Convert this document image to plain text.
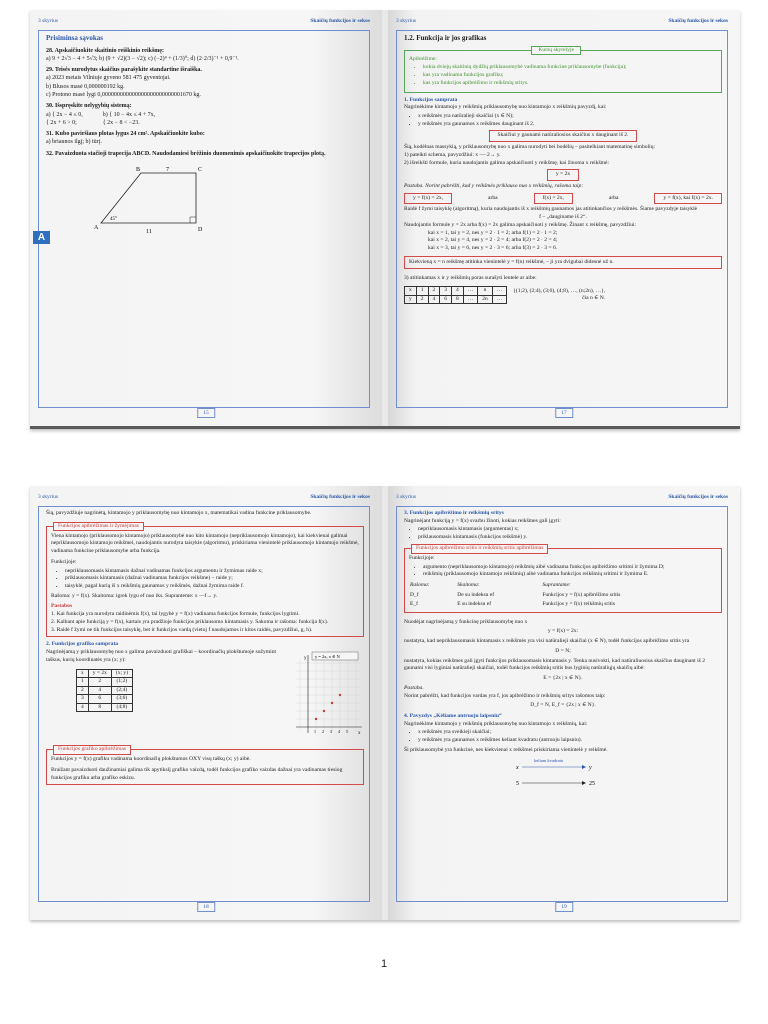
3 skyrius	Skaičių funkcijos ir sekos
Prisiminsa sąvokas
28. Apskaičiuokite skaitinio reiškinio reikšmę:
a) 9 + 2√3 − 4 + 5√3; b) (9 + √2)(3 − √2); c) (−2)⁴ + (1/3)⁰; d) (2·2/3)⁻¹ + 0,9⁻¹.
29. Teisės nurodytus skaičius parašykite standartine išraiška.
a) 2023 metais Vilniuje gyveno 581 475 gyventojai.
b) Blusos masė 0,000000192 kg.
c) Protono masė lygi 0,000000000000000000000000001670 kg.
30. Išspręskite nelygybių sistemą:
a) { 2x − 4 ≤ 0,
{ 2x + 6 > 0;
b) { 10 − 4x ≤ 4 + 7x,
{ 2x − 8 < −23.
31. Kubo paviršiaus plotas lygus 24 cm². Apskaičiuokite kubo:
a) briaunos ilgį; b) tūrį.
32. Pavaizduota stačioji trapecija ABCD. Naudodamiesi brėžinio duomenimis apskaičiuokite trapecijos plotą.
B	C
A	D
7
11
45°
15
3 skyrius	Skaičių funkcijos ir sekos
1.2. Funkcija ir jos grafikas
Kursų skyrelyje
Apibrėžime:
• kokia dviejų skaitinių dydžių priklausomybė vadinama funkcine priklausomybe (funkcija);
• kas yra vadinama funkcijos grafiku;
• kas yra funkcijos apibrėžimo ir reikšmių sritys.
1. Funkcijos samprata
Nagrinėkime kintamojo y reikšmių priklausomybę nuo kintamojo x reikšmių pavyzdį, kai:
• x reikšmės yra natūralieji skaičiai (x ∈ N);
• y reikšmės yra gaunamos x reikšmes dauginant iš 2.
Skaičiui y gaunami natūraliosios skaičius x dauginant iš 2.
Šią, kodėlnas massykią, y priklausomybę nuo x galima nurodyti bei bodėlių – pasitelkiant matematinę simbolių:
1) pateikti schema, pavyzdžiui: x —·2→ y.
2) išreikšti formule, kuria naudojantis galima apskaičiuoti y reikšmę, kai žinoma x reikšmė:
y = 2x
Pastaba. Norint pabrėžti, kad y reikšmės priklauso nuo x reikšmių, rašoma taip:
y = f(x) = 2x,	arba	f(x) = 2x,	arba	y = f(x), kai f(x) = 2x.
Raidė f žymi taisyklę (algoritmą), kuria naudojantis iš x reikšmių gaunamos jas atitinkančios y reikšmės. Šiame pavyzdyje taisyklė
f – „dauginame iš 2“.
Naudojantis formule y = 2x arba f(x) = 2x galima apskaičiuoti y reikšmę. Žinant x reikšmę, pavyzdžiui:
kai x = 1, tai y = 2, nes y = 2 · 1 = 2; arba f(1) = 2 · 1 = 2;
kai x = 2, tai y = 4, nes y = 2 · 2 = 4; arba f(2) = 2 · 2 = 4;
kai x = 3, tai y = 6, nes y = 2 · 3 = 6; arba f(3) = 2 · 3 = 6.
Kiekvieną x = n reikšmę atitinka vienintelė y = f(n) reikšmė, – ji yra dvigubai didesnė už n.
3) atitinkamas x ir y reikšmių poras surašyti lentele ar aibe:
x	1	2	3	4	…	n	…
y	2	4	6	8	…	2n	…
{(1;2), (2;4), (3;6), (4;8), …, (n;2n), …},
čia n ∈ N.
17
A
3 skyrius	Skaičių funkcijos ir sekos
Šią, pavyzdžiuje nagrinėtą, kintamojo y priklausomybę nuo kintamojo x, matematikai vadina funkcine priklausomybe.
Funkcijos apibrėžimas ir žymėjimas
Viena kintamojo (priklausomojo kintamojo) priklausomybė nuo kito kintamojo (nepriklausomojo kintamojo), kai kiekvienai galimai nepriklausomojo kintamojo reikšmei, naudojantis nurodyta taisykle (algoritmu), priskiriama vienintelė priklausomojo kintamojo reikšmė, vadinama funkcine priklausomybe arba funkcija.
Funkcijoje:
• nepriklausomasis kintamasis dažnai vadinamas funkcijos argumentu ir žymimas raide x;
• priklausomasis kintamasis (dažnai vadinamas funkcijos reikšme) – raide y;
• taisyklė, pagal kurią iš x reikšmių gaunamos y reikšmės, dažnai žymima raide f.
Rašoma: y = f(x). Skaitoma: igrek lygu ef nuo iks. Supranteme: x —f→ y.
Pastabos
1. Kai funkcija yra nurodyta raidinėmis f(x), tai lygybė y = f(x) vadinama funkcijos formule, funkcijos lygtimi.
2. Kalbant apie funkciją y = f(x), kartais yra pradžioje funkcijos priklausomo kintamasis y. Sakoma ir rašoma: funkcija f(x).
3. Raidė f žymi ne tik funkcijos taisyklę, bet ir funkcijos vardą (vietoj f naudojamos ir kitos raidės, pavyzdžiui, g, h).
2. Funkcijos grafiko samprata
Nagrinėjamą y priklausomybę nuo x galima pavaizduoti grafiškai – koordinačių plokštumoje sužymint taškus, kurių koordinatės yra (x; y):
x	y = 2x	(x; y)
1	2	(1;2)
2	4	(2;4)
3	6	(3;6)
4	8	(4;8)
y = 2x, x ∈ N
y
x
1 2 3 4 5
Funkcijos grafiko apibrėžimas
Funkcijos y = f(x) grafiku vadinama koordinačių plokštumos OXY visų taškų (x; y) aibė.
Braižant pavaizduoti daužinamiai galima tik apytikslį grafiko vaizdą, todėl funkcijos grafiko vaizdas dažnai yra vadinamas tiesiog funkcijos grafiku arba grafiko eskizu.
18
3 skyrius	Skaičių funkcijos ir sekos
3. Funkcijos apibrėžimo ir reikšmių sritys
Nagrinėjant funkciją y = f(x) svarbu žinoti, kokias reikšmes gali įgyti:
• nepriklausomasis kintamasis (argumentas) x;
• priklausomasis kintamasis (funkcijos reikšmė) y.
Funkcijos apibrėžimo sritis ir reikšmių sritis apibrėžimas
Funkcijoje:
• argumento (nepriklausomojo kintamojo) reikšmių aibė vadinama funkcijos apibrėžimo sritimi ir žymima D;
• reikšmių (priklausomojo kintamojo reikšmių) aibė vadinama funkcijos reikšmių sritimi ir žymima E.
Rašoma:	Skaitoma:	Suprantame:
D_f	De su indeksu ef	Funkcijos y = f(x) apibrėžimo sritis
E_f	E su indeksu ef	Funkcijos y = f(x) reikšmių sritis
Nuodėjat nagrinėjamą y funkcinę priklausomybę nuo x
y = f(x) = 2x:
nustatyta, kad nepriklausomasis kintamasis x reikšmės yra visi natūralieji skaičiai (x ∈ N), todėl funkcijos apibrėžimo sritis yra
D = N;
nustatyta, kokias reikšmes gali įgyti funkcijos priklausomasis kintamasis y. Tenka nusivokti, kad natūraliuosius skaičius dauginant iš 2 gaunami visi lyginiai natūralieji skaičiai, todėl funkcijos reikšmių sritis bus lyginių natūraliųjų skaičių aibė:
E = {2x | x ∈ N}.
Pastaba.
Norint pabrėžti, kad funkcijos vardas yra f, jos apibrėžimo ir reikšmių sritys rašomos taip:
D_f = N, E_f = {2x | x ∈ N}.
4. Pavyzdys „Kėliame antruoju laipsniu“
Nagrinėkime kintamojo y reikšmių priklausomybę nuo kintamojo x reikšmių, kai:
• x reikšmės yra sveikieji skaičiai;
• y reikšmės yra gaunamos x reikšmes keliant kvadratu (antruoju laipsniu).
Ši priklausomybė yra funkcinė, nes kiekvienai x reikšmei priskiriama vienintelė y reikšmė.
keliam kvadratu
x	y
5	25
19
1
